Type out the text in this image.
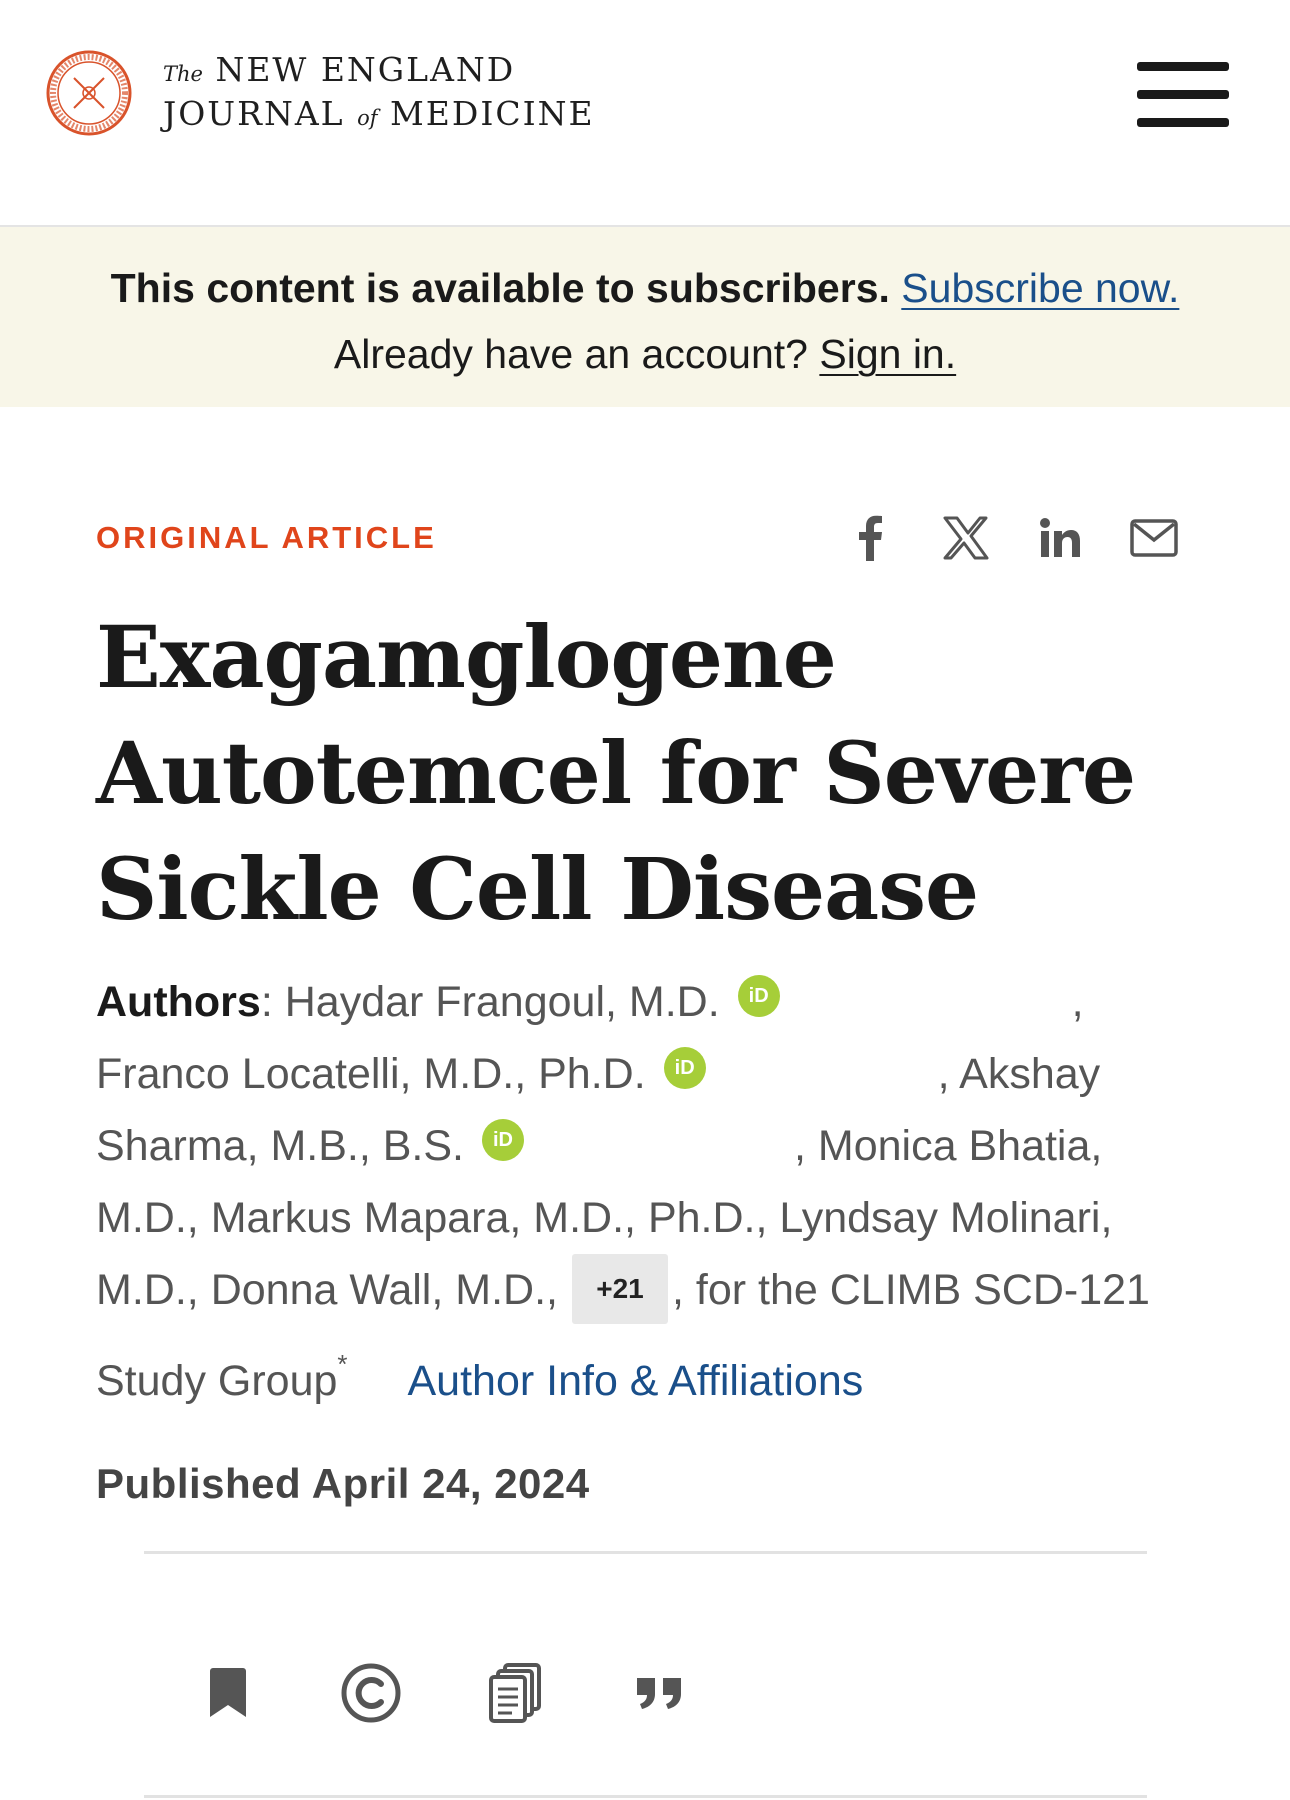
The NEW ENGLAND
JOURNAL of MEDICINE
This content is available to subscribers. Subscribe now. Already have an account? Sign in.
ORIGINAL ARTICLE
Exagamglogene Autotemcel for Severe Sickle Cell Disease
Authors: Haydar Frangoul, M.D. iD	, Franco Locatelli, M.D., Ph.D. iD	, Akshay Sharma, M.B., B.S. iD	, Monica Bhatia, M.D., Markus Mapara, M.D., Ph.D., Lyndsay Molinari, M.D., Donna Wall, M.D., +21 , for the CLIMB SCD-121 Study Group* Author Info & Affiliations
Published April 24, 2024
